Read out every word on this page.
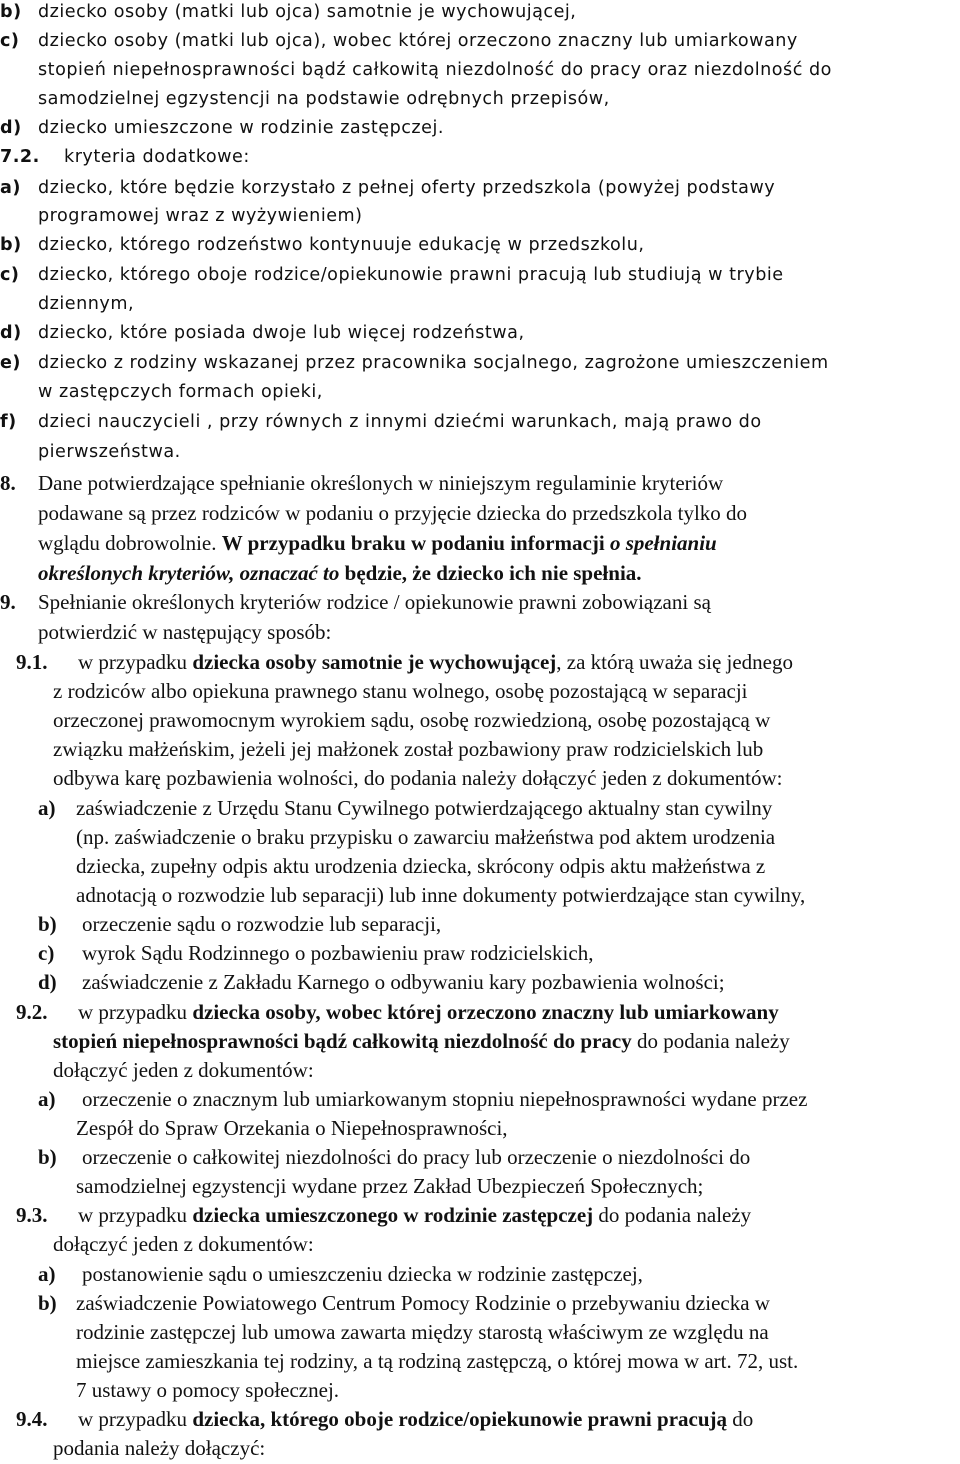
b) dziecko osoby (matki lub ojca) samotnie je wychowującej,
c) dziecko osoby (matki lub ojca), wobec której orzeczono znaczny lub umiarkowany
stopień niepełnosprawności bądź całkowitą niezdolność do pracy oraz niezdolność do
samodzielnej egzystencji na podstawie odrębnych przepisów,
d) dziecko umieszczone w rodzinie zastępczej.
7.2. kryteria dodatkowe:
a) dziecko, które będzie korzystało z pełnej oferty przedszkola (powyżej podstawy
programowej wraz z wyżywieniem)
b) dziecko, którego rodzeństwo kontynuuje edukację w przedszkolu,
c) dziecko, którego oboje rodzice/opiekunowie prawni pracują lub studiują w trybie
dziennym,
d) dziecko, które posiada dwoje lub więcej rodzeństwa,
e) dziecko z rodziny wskazanej przez pracownika socjalnego, zagrożone umieszczeniem
w zastępczych formach opieki,
f) dzieci nauczycieli , przy równych z innymi dziećmi warunkach, mają prawo do
pierwszeństwa.
8. Dane potwierdzające spełnianie określonych w niniejszym regulaminie kryteriów
podawane są przez rodziców w podaniu o przyjęcie dziecka do przedszkola tylko do
wglądu dobrowolnie. W przypadku braku w podaniu informacji o spełnianiu
określonych kryteriów, oznaczać to będzie, że dziecko ich nie spełnia.
9. Spełnianie określonych kryteriów rodzice / opiekunowie prawni zobowiązani są
potwierdzić w następujący sposób:
9.1. w przypadku dziecka osoby samotnie je wychowującej, za którą uważa się jednego
z rodziców albo opiekuna prawnego stanu wolnego, osobę pozostającą w separacji
orzeczonej prawomocnym wyrokiem sądu, osobę rozwiedzioną, osobę pozostającą w
związku małżeńskim, jeżeli jej małżonek został pozbawiony praw rodzicielskich lub
odbywa karę pozbawienia wolności, do podania należy dołączyć jeden z dokumentów:
a) zaświadczenie z Urzędu Stanu Cywilnego potwierdzającego aktualny stan cywilny
(np. zaświadczenie o braku przypisku o zawarciu małżeństwa pod aktem urodzenia
dziecka, zupełny odpis aktu urodzenia dziecka, skrócony odpis aktu małżeństwa z
adnotacją o rozwodzie lub separacji) lub inne dokumenty potwierdzające stan cywilny,
b) orzeczenie sądu o rozwodzie lub separacji,
c) wyrok Sądu Rodzinnego o pozbawieniu praw rodzicielskich,
d) zaświadczenie z Zakładu Karnego o odbywaniu kary pozbawienia wolności;
9.2. w przypadku dziecka osoby, wobec której orzeczono znaczny lub umiarkowany
stopień niepełnosprawności bądź całkowitą niezdolność do pracy do podania należy
dołączyć jeden z dokumentów:
a) orzeczenie o znacznym lub umiarkowanym stopniu niepełnosprawności wydane przez
Zespół do Spraw Orzekania o Niepełnosprawności,
b) orzeczenie o całkowitej niezdolności do pracy lub orzeczenie o niezdolności do
samodzielnej egzystencji wydane przez Zakład Ubezpieczeń Społecznych;
9.3. w przypadku dziecka umieszczonego w rodzinie zastępczej do podania należy
dołączyć jeden z dokumentów:
a) postanowienie sądu o umieszczeniu dziecka w rodzinie zastępczej,
b) zaświadczenie Powiatowego Centrum Pomocy Rodzinie o przebywaniu dziecka w
rodzinie zastępczej lub umowa zawarta między starostą właściwym ze względu na
miejsce zamieszkania tej rodziny, a tą rodziną zastępczą, o której mowa w art. 72, ust.
7 ustawy o pomocy społecznej.
9.4. w przypadku dziecka, którego oboje rodzice/opiekunowie prawni pracują do
podania należy dołączyć:
